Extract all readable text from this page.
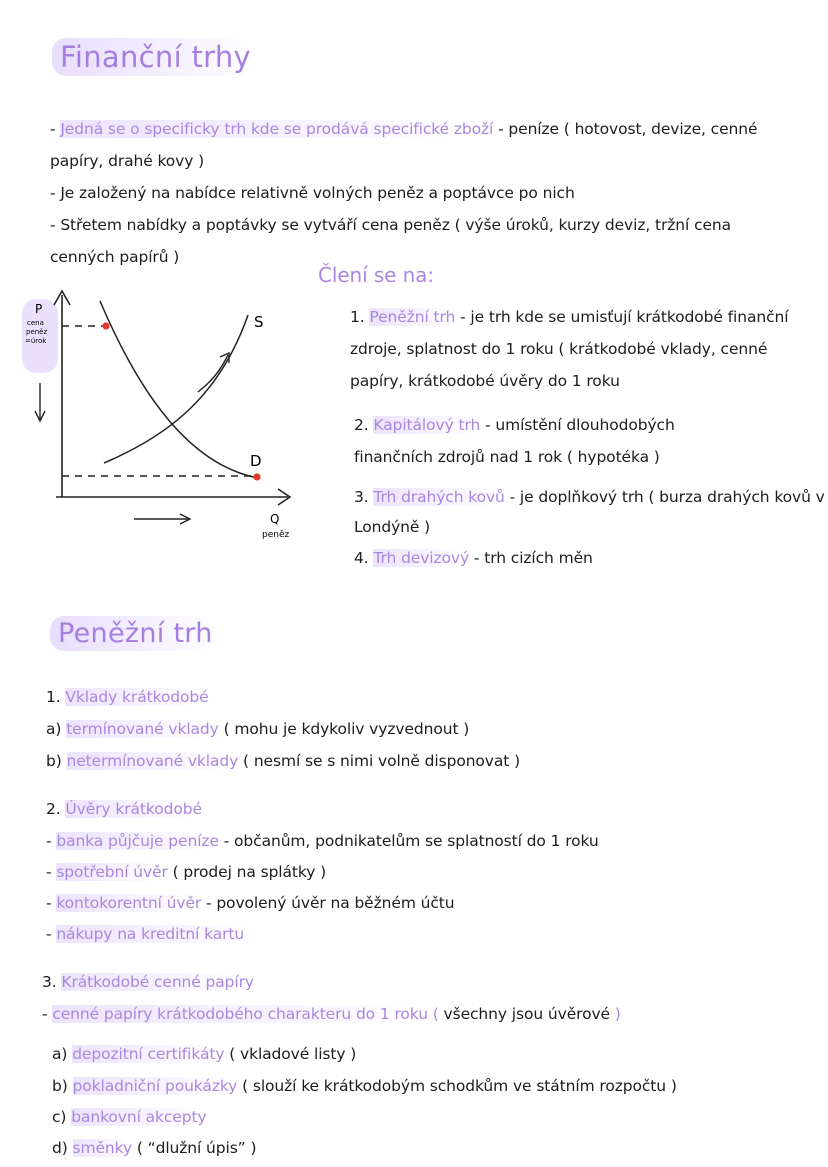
Finanční trhy
- Jedná se o specificky trh kde se prodává specifické zboží - peníze ( hotovost, devize, cenné
papíry, drahé kovy )
- Je založený na nabídce relativně volných peněz a poptávce po nich
- Střetem nabídky a poptávky se vytváří cena peněz ( výše úroků, kurzy deviz, tržní cena
cenných papírů )
P
cena
peněz
=úrok
S
D
Q
peněz
Člení se na:
1. Peněžní trh - je trh kde se umisťují krátkodobé finanční
zdroje, splatnost do 1 roku ( krátkodobé vklady, cenné
papíry, krátkodobé úvěry do 1 roku
2. Kapitálový trh - umístění dlouhodobých
finančních zdrojů nad 1 rok ( hypotéka )
3. Trh drahých kovů - je doplňkový trh ( burza drahých kovů v
Londýně )
4. Trh devizový - trh cizích měn
Peněžní trh
1. Vklady krátkodobé
a) termínované vklady ( mohu je kdykoliv vyzvednout )
b) netermínované vklady ( nesmí se s nimi volně disponovat )
2. Úvěry krátkodobé
- banka půjčuje peníze - občanům, podnikatelům se splatností do 1 roku
- spotřební úvěr ( prodej na splátky )
- kontokorentní úvěr - povolený úvěr na běžném účtu
- nákupy na kreditní kartu
3. Krátkodobé cenné papíry
- cenné papíry krátkodobého charakteru do 1 roku ( všechny jsou úvěrové )
a) depozitní certifikáty ( vkladové listy )
b) pokladniční poukázky ( slouží ke krátkodobým schodkům ve státním rozpočtu )
c) bankovní akcepty
d) směnky ( “dlužní úpis” )
